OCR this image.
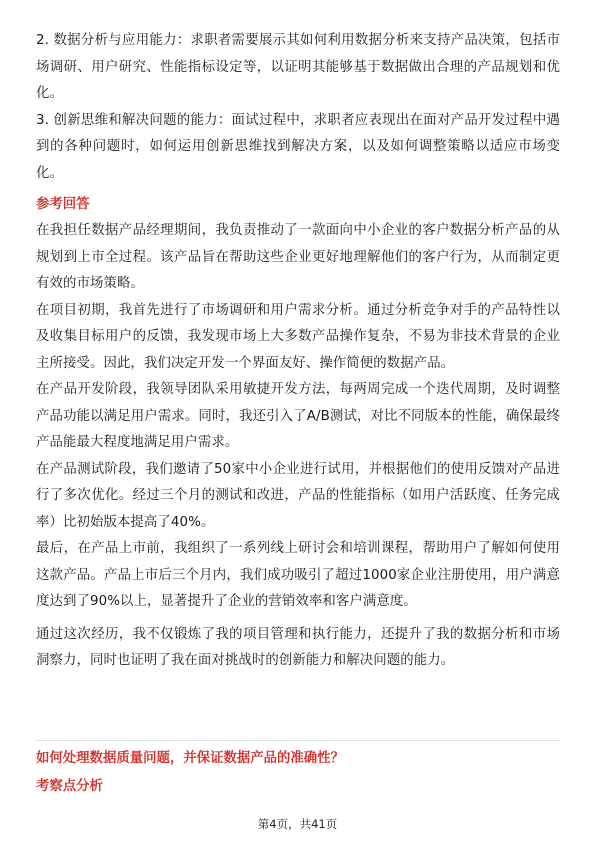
2. 数据分析与应用能力：求职者需要展示其如何利用数据分析来支持产品决策，包括市场调研、用户研究、性能指标设定等，以证明其能够基于数据做出合理的产品规划和优化。

3. 创新思维和解决问题的能力：面试过程中，求职者应表现出在面对产品开发过程中遇到的各种问题时，如何运用创新思维找到解决方案，以及如何调整策略以适应市场变化。

参考回答

在我担任数据产品经理期间，我负责推动了一款面向中小企业的客户数据分析产品的从规划到上市全过程。该产品旨在帮助这些企业更好地理解他们的客户行为，从而制定更有效的市场策略。

在项目初期，我首先进行了市场调研和用户需求分析。通过分析竞争对手的产品特性以及收集目标用户的反馈，我发现市场上大多数产品操作复杂，不易为非技术背景的企业主所接受。因此，我们决定开发一个界面友好、操作简便的数据产品。

在产品开发阶段，我领导团队采用敏捷开发方法，每两周完成一个迭代周期，及时调整产品功能以满足用户需求。同时，我还引入了A/B测试，对比不同版本的性能，确保最终产品能最大程度地满足用户需求。

在产品测试阶段，我们邀请了50家中小企业进行试用，并根据他们的使用反馈对产品进行了多次优化。经过三个月的测试和改进，产品的性能指标（如用户活跃度、任务完成率）比初始版本提高了40%。

最后，在产品上市前，我组织了一系列线上研讨会和培训课程，帮助用户了解如何使用这款产品。产品上市后三个月内，我们成功吸引了超过1000家企业注册使用，用户满意度达到了90%以上，显著提升了企业的营销效率和客户满意度。

通过这次经历，我不仅锻炼了我的项目管理和执行能力，还提升了我的数据分析和市场洞察力，同时也证明了我在面对挑战时的创新能力和解决问题的能力。

如何处理数据质量问题，并保证数据产品的准确性？
考察点分析
第4页，共41页
